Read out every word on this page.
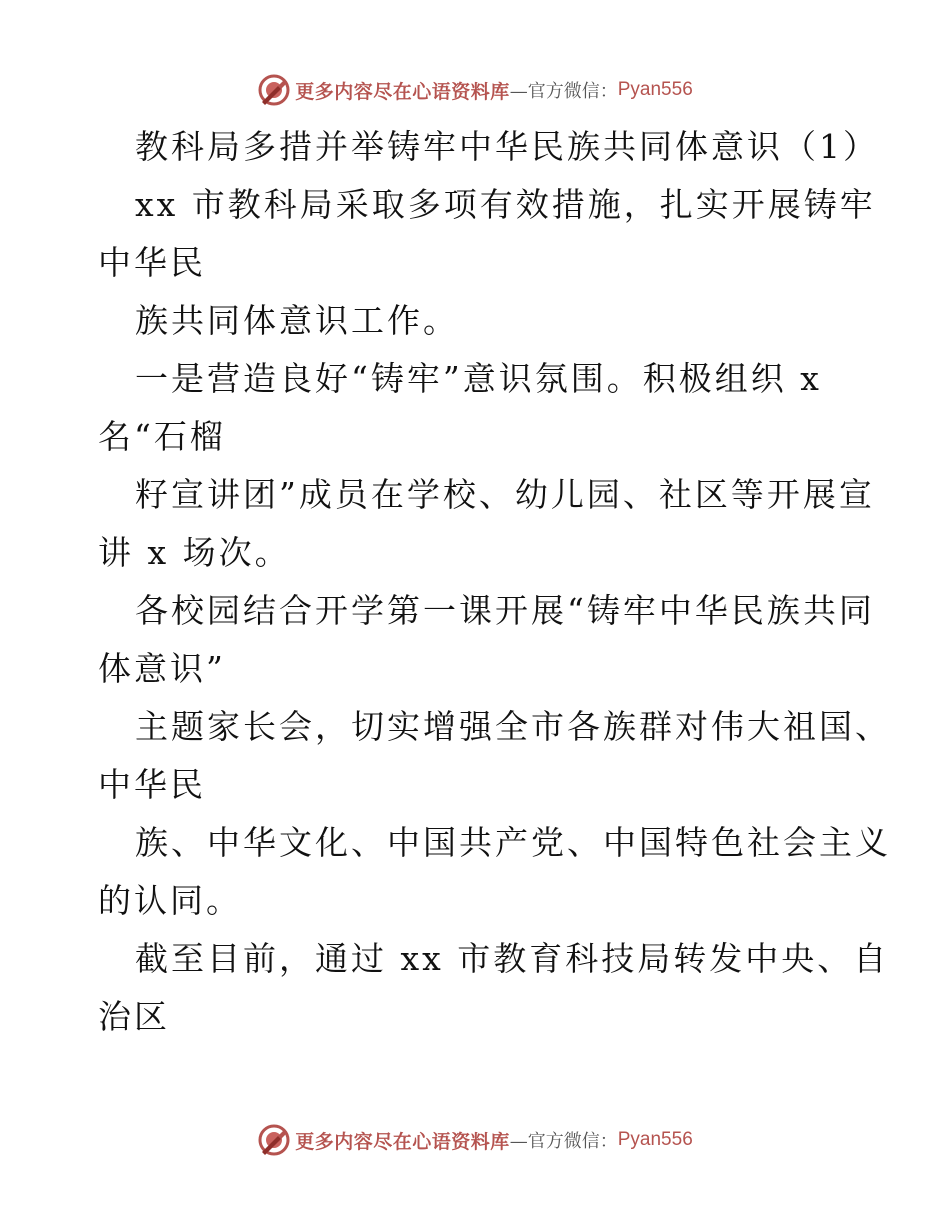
更多内容尽在心语资料库 —官方微信： Pyan556
教科局多措并举铸牢中华民族共同体意识（1）
xx 市教科局采取多项有效措施，扎实开展铸牢
中华民
族共同体意识工作。
一是营造良好“铸牢”意识氛围。积极组织 x
名“石榴
籽宣讲团”成员在学校、幼儿园、社区等开展宣
讲 x 场次。
各校园结合开学第一课开展“铸牢中华民族共同
体意识”
主题家长会，切实增强全市各族群对伟大祖国、
中华民
族、中华文化、中国共产党、中国特色社会主义
的认同。
截至目前，通过 xx 市教育科技局转发中央、自
治区
更多内容尽在心语资料库 —官方微信： Pyan556
